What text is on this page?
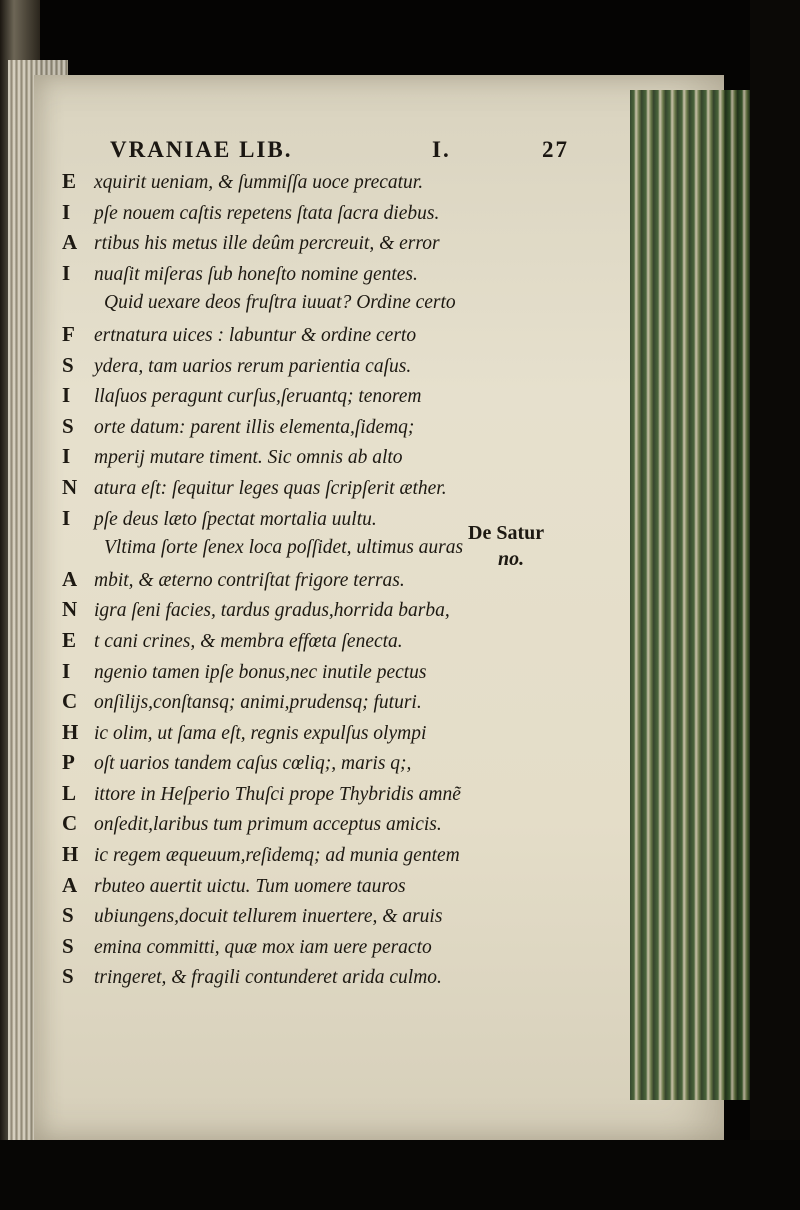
VRANIAE LIB.	I.	27
E xquirit ueniam, & ſummiſſa uoce precatur.
I	pſe nouem caſtis repetens ſtata ſacra diebus.
A rtibus his metus ille deûm percreuit, & error
I	nuaſit miſeras ſub honeſto nomine gentes.
Quid uexare deos fruſtra iuuat? Ordine certo
F ertnatura uices : labuntur & ordine certo
S	ydera, tam uarios rerum parientia caſus.
I	llaſuos peragunt curſus,ſeruantq; tenorem
S	orte datum: parent illis elementa,ſidemq;
I	mperij mutare timent. Sic omnis ab alto
N atura eſt: ſequitur leges quas ſcripſerit æther.
I	pſe deus læto ſpectat mortalia uultu.
Vltima ſorte ſenex loca poſſidet, ultimus auras
A mbit, & æterno contriſtat frigore terras.
N igra ſeni facies, tardus gradus,horrida barba,
E t cani crines, & membra effœta ſenecta.
I	ngenio tamen ipſe bonus,nec inutile pectus
C onſilijs,conſtansq; animi,prudensq; futuri.
H ic olim, ut ſama eſt, regnis expulſus olympi
P oſt uarios tandem caſus cœliq;, maris q;,
L ittore in Heſperio Thuſci prope Thybridis amnẽ
C onſedit,laribus tum primum acceptus amicis.
H ic regem æqueuum,reſidemq; ad munia gentem
A rbuteo auertit uictu. Tum uomere tauros
S	ubiungens,docuit tellurem inuertere, & aruis
S	emina committi, quæ mox iam uere peracto
S	tringeret, & fragili contunderet arida culmo.
De Satur
no.
